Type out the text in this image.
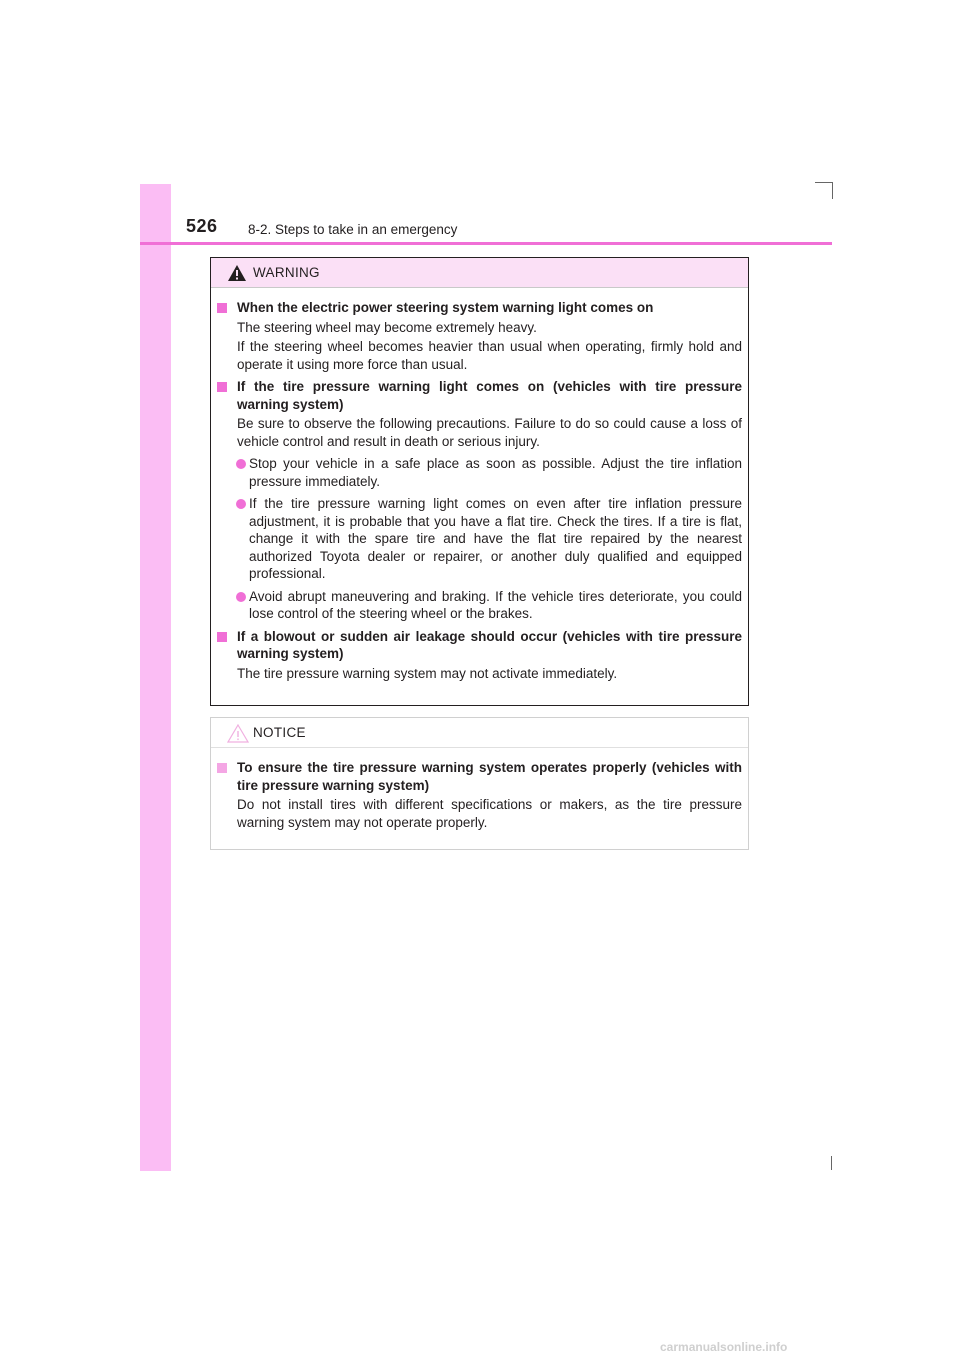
526 8-2. Steps to take in an emergency
WARNING
When the electric power steering system warning light comes on
The steering wheel may become extremely heavy.
If the steering wheel becomes heavier than usual when operating, firmly hold and operate it using more force than usual.
If the tire pressure warning light comes on (vehicles with tire pressure warning system)
Be sure to observe the following precautions. Failure to do so could cause a loss of vehicle control and result in death or serious injury.
Stop your vehicle in a safe place as soon as possible. Adjust the tire inflation pressure immediately.
If the tire pressure warning light comes on even after tire inflation pressure adjustment, it is probable that you have a flat tire. Check the tires. If a tire is flat, change it with the spare tire and have the flat tire repaired by the nearest authorized Toyota dealer or repairer, or another duly qualified and equipped professional.
Avoid abrupt maneuvering and braking. If the vehicle tires deteriorate, you could lose control of the steering wheel or the brakes.
If a blowout or sudden air leakage should occur (vehicles with tire pressure warning system)
The tire pressure warning system may not activate immediately.
NOTICE
To ensure the tire pressure warning system operates properly (vehicles with tire pressure warning system)
Do not install tires with different specifications or makers, as the tire pressure warning system may not operate properly.
carmanualsonline.info
